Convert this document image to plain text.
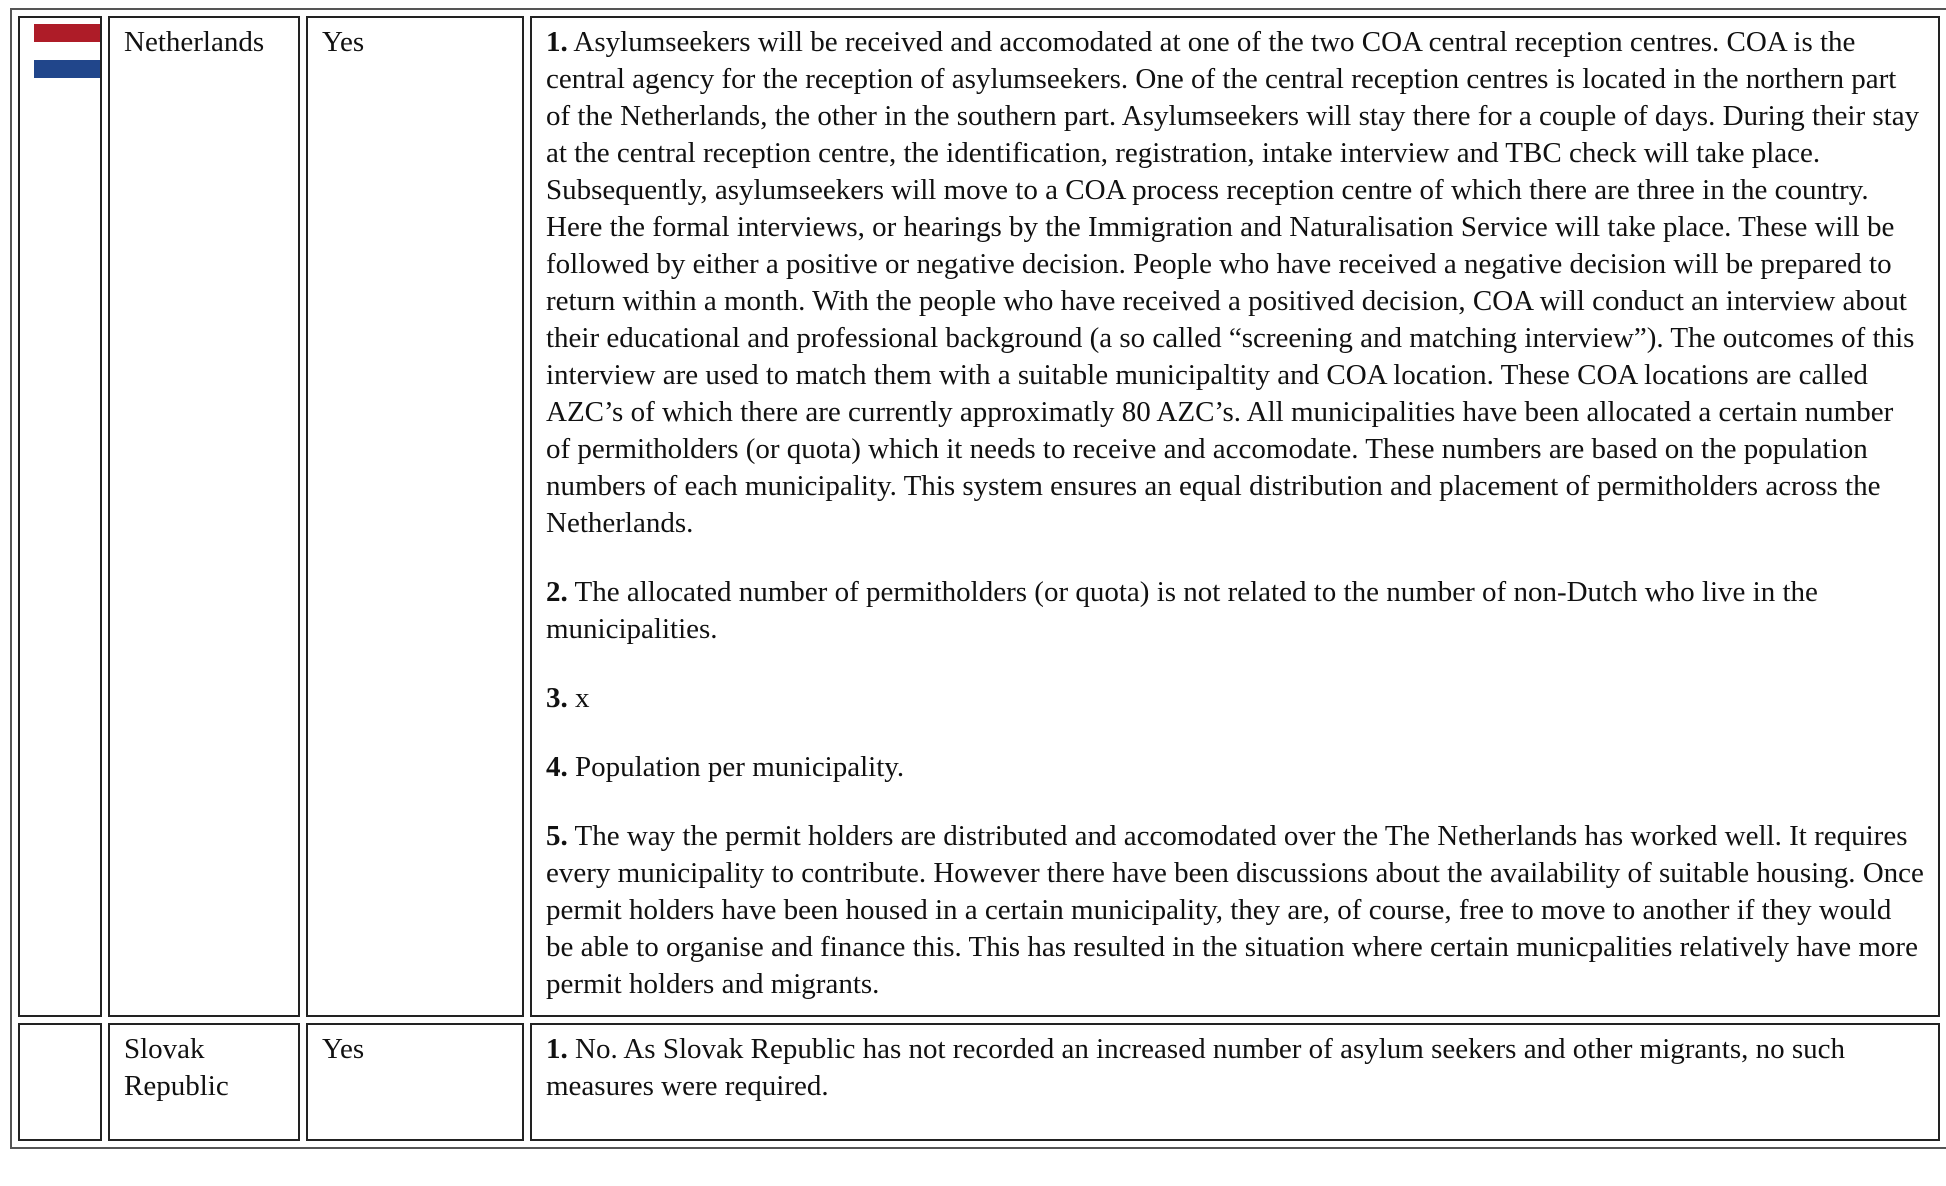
	Netherlands	Yes	1. Asylumseekers will be received and accomodated at one of the two COA central reception centres. COA is the central agency for the reception of asylumseekers. One of the central reception centres is located in the northern part of the Netherlands, the other in the southern part. Asylumseekers will stay there for a couple of days. During their stay at the central reception centre, the identification, registration, intake interview and TBC check will take place. Subsequently, asylumseekers will move to a COA process reception centre of which there are three in the country. Here the formal interviews, or hearings by the Immigration and Naturalisation Service will take place. These will be followed by either a positive or negative decision. People who have received a negative decision will be prepared to return within a month. With the people who have received a positived decision, COA will conduct an interview about their educational and professional background (a so called “screening and matching interview”). The outcomes of this interview are used to match them with a suitable municipaltity and COA location. These COA locations are called AZC’s of which there are currently approximatly 80 AZC’s. All municipalities have been allocated a certain number of permitholders (or quota) which it needs to receive and accomodate. These numbers are based on the population numbers of each municipality. This system ensures an equal distribution and placement of permitholders across the Netherlands.

2. The allocated number of permitholders (or quota) is not related to the number of non-Dutch who live in the municipalities.

3. x

4. Population per municipality.

5. The way the permit holders are distributed and accomodated over the The Netherlands has worked well. It requires every municipality to contribute. However there have been discussions about the availability of suitable housing. Once permit holders have been housed in a certain municipality, they are, of course, free to move to another if they would be able to organise and finance this. This has resulted in the situation where certain municpalities relatively have more permit holders and migrants.

	Slovak Republic	Yes	1. No. As Slovak Republic has not recorded an increased number of asylum seekers and other migrants, no such measures were required.
